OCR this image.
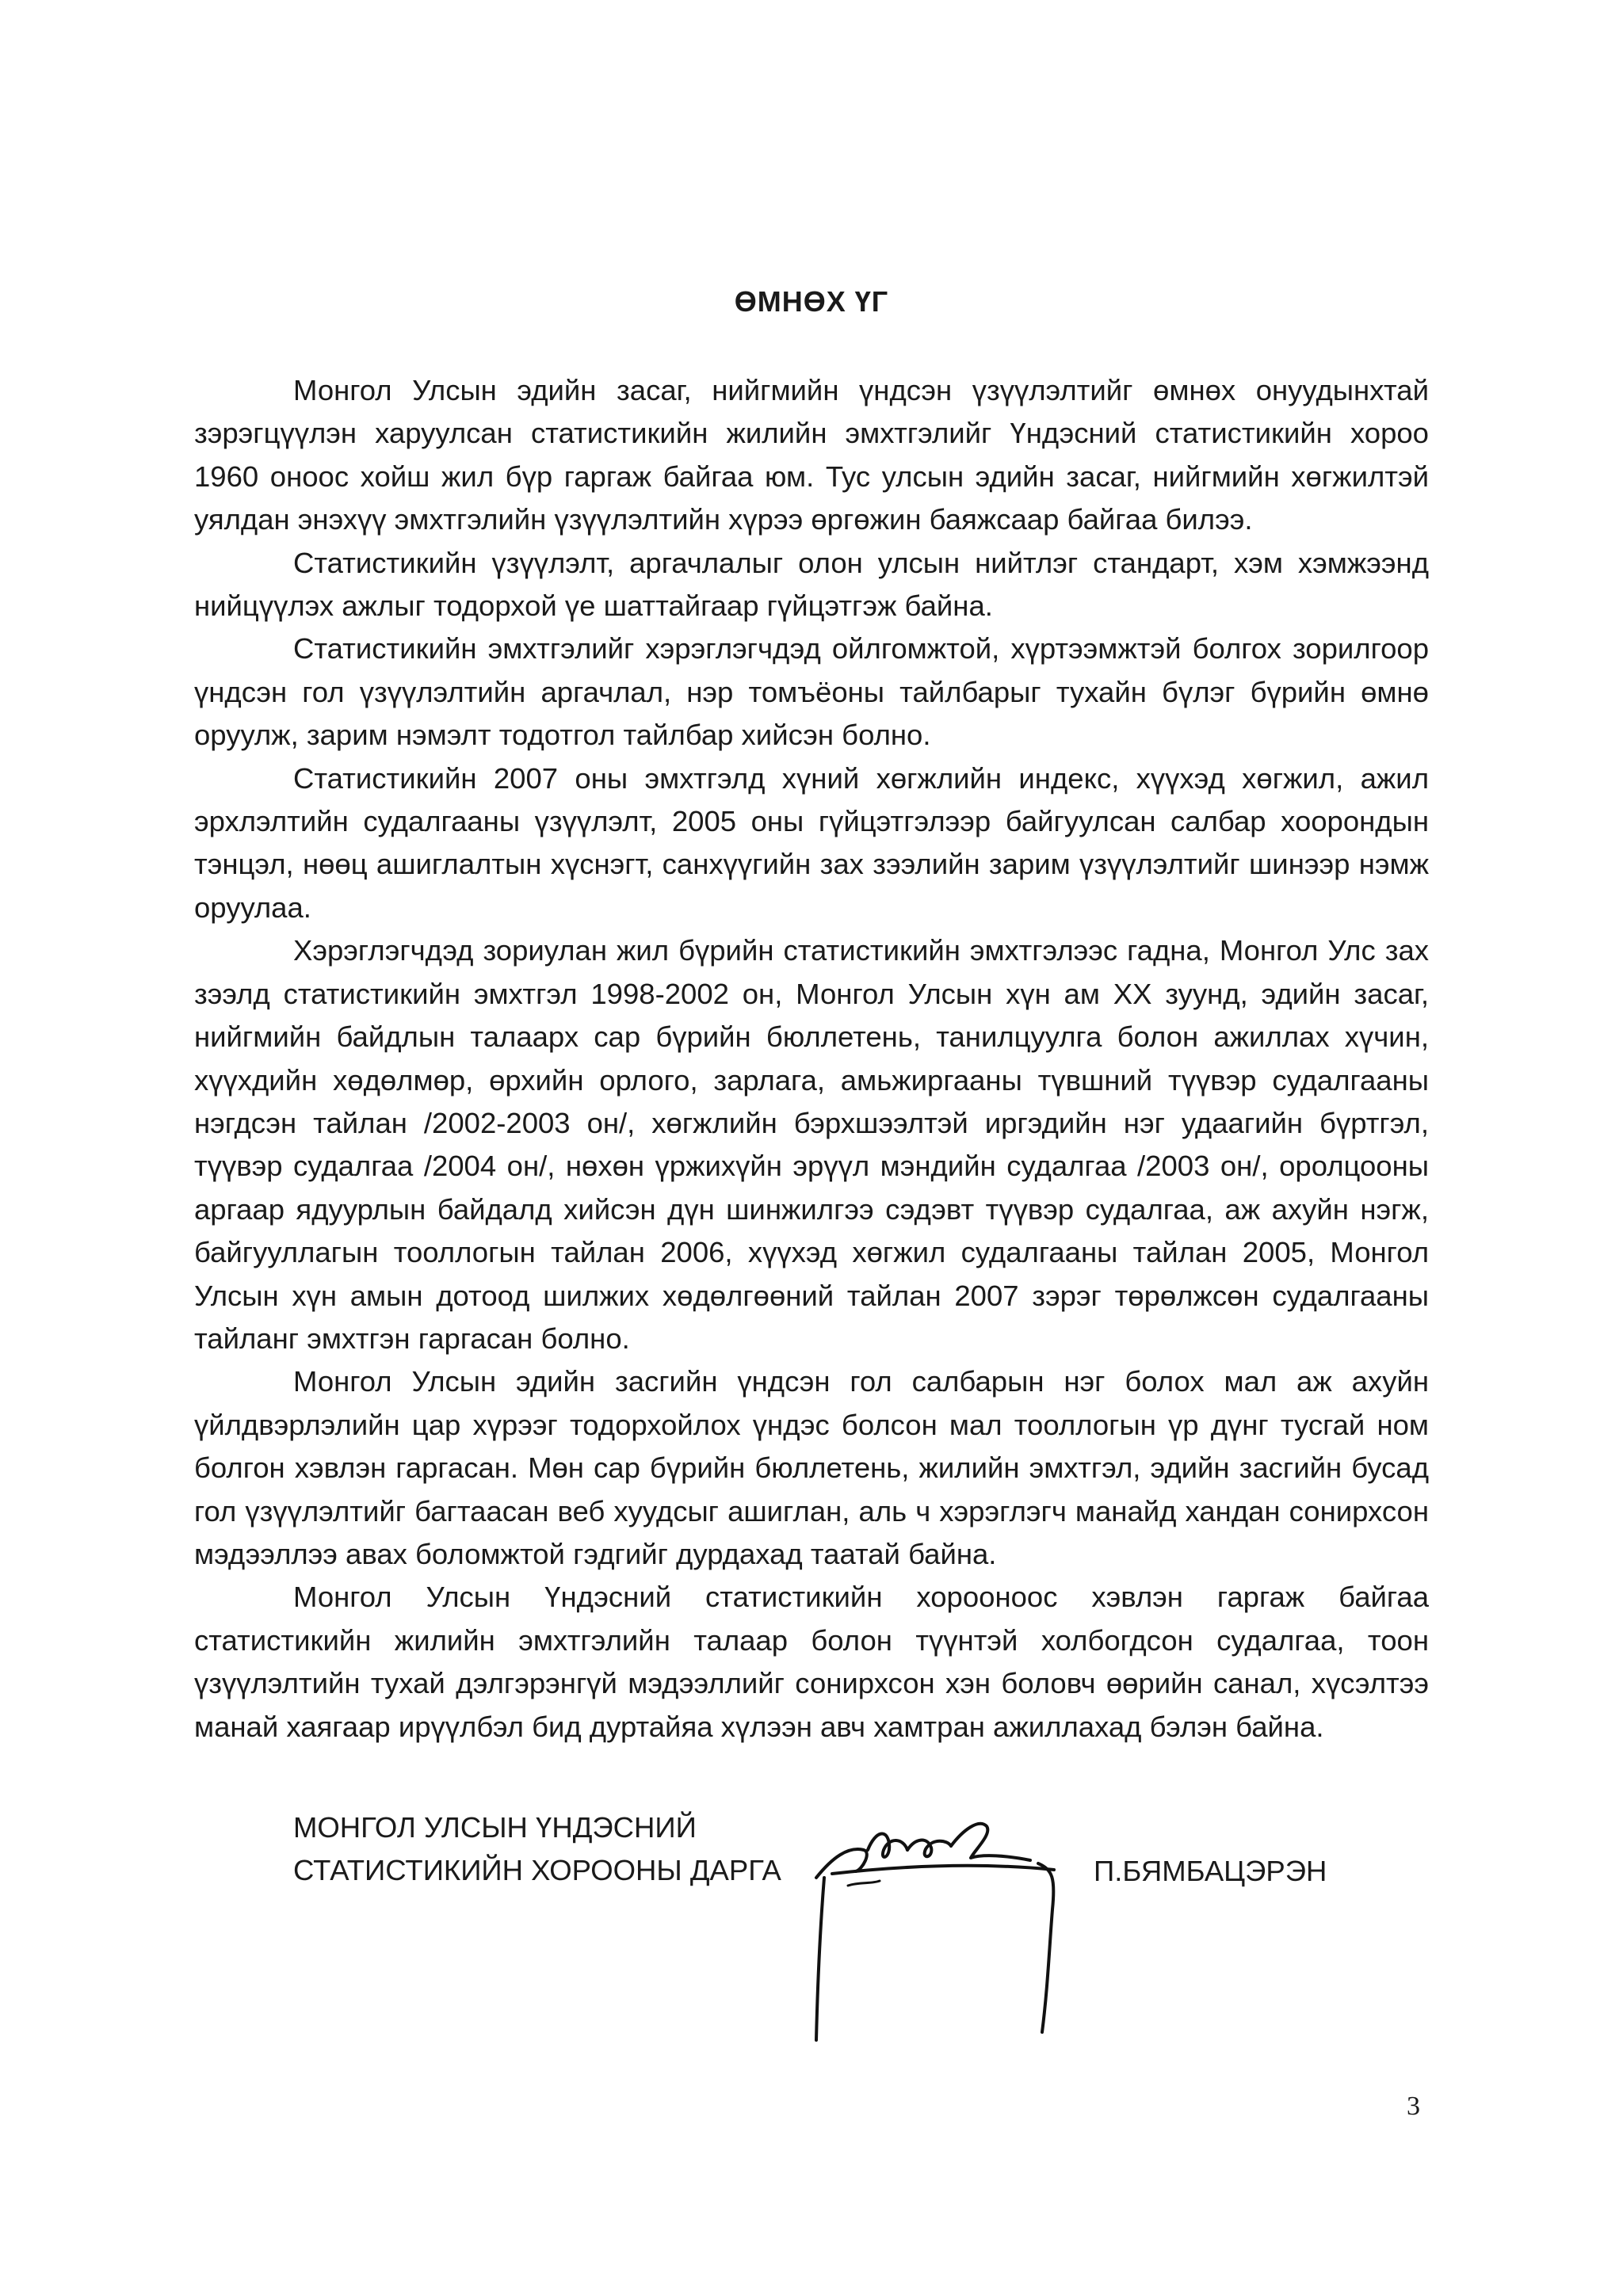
ӨМНӨХ ҮГ

Монгол Улсын эдийн засаг, нийгмийн үндсэн үзүүлэлтийг өмнөх онуудынхтай зэрэгцүүлэн харуулсан статистикийн жилийн эмхтгэлийг Үндэсний статистикийн хороо 1960 оноос хойш жил бүр гаргаж байгаа юм. Тус улсын эдийн засаг, нийгмийн хөгжилтэй уялдан энэхүү эмхтгэлийн үзүүлэлтийн хүрээ өргөжин баяжсаар байгаа билээ.

Статистикийн үзүүлэлт, аргачлалыг олон улсын нийтлэг стандарт, хэм хэмжээнд нийцүүлэх ажлыг тодорхой үе шаттайгаар гүйцэтгэж байна.

Статистикийн эмхтгэлийг хэрэглэгчдэд ойлгомжтой, хүртээмжтэй болгох зорилгоор үндсэн гол үзүүлэлтийн аргачлал, нэр томъёоны тайлбарыг тухайн бүлэг бүрийн өмнө оруулж, зарим нэмэлт тодотгол тайлбар хийсэн болно.

Статистикийн 2007 оны эмхтгэлд хүний хөгжлийн индекс, хүүхэд хөгжил, ажил эрхлэлтийн судалгааны үзүүлэлт, 2005 оны гүйцэтгэлээр байгуулсан салбар хоорондын тэнцэл, нөөц ашиглалтын хүснэгт, санхүүгийн зах зээлийн зарим үзүүлэлтийг шинээр нэмж оруулаа.

Хэрэглэгчдэд зориулан жил бүрийн статистикийн эмхтгэлээс гадна, Монгол Улс зах зээлд статистикийн эмхтгэл 1998-2002 он, Монгол Улсын хүн ам XX зуунд, эдийн засаг, нийгмийн байдлын талаарх сар бүрийн бюллетень, танилцуулга болон ажиллах хүчин, хүүхдийн хөдөлмөр, өрхийн орлого, зарлага, амьжиргааны түвшний түүвэр судалгааны нэгдсэн тайлан /2002-2003 он/, хөгжлийн бэрхшээлтэй иргэдийн нэг удаагийн бүртгэл, түүвэр судалгаа /2004 он/, нөхөн үржихүйн эрүүл мэндийн судалгаа /2003 он/, оролцооны аргаар ядуурлын байдалд хийсэн дүн шинжилгээ сэдэвт түүвэр судалгаа, аж ахуйн нэгж, байгууллагын тооллогын тайлан 2006, хүүхэд хөгжил судалгааны тайлан 2005, Монгол Улсын хүн амын дотоод шилжих хөдөлгөөний тайлан 2007 зэрэг төрөлжсөн судалгааны тайланг эмхтгэн гаргасан болно.

Монгол Улсын эдийн засгийн үндсэн гол салбарын нэг болох мал аж ахуйн үйлдвэрлэлийн цар хүрээг тодорхойлох үндэс болсон мал тооллогын үр дүнг тусгай ном болгон хэвлэн гаргасан. Мөн сар бүрийн бюллетень, жилийн эмхтгэл, эдийн засгийн бусад гол үзүүлэлтийг багтаасан веб хуудсыг ашиглан, аль ч хэрэглэгч манайд хандан сонирхсон мэдээллээ авах боломжтой гэдгийг дурдахад таатай байна.

Монгол Улсын Үндэсний статистикийн хорооноос хэвлэн гаргаж байгаа статистикийн жилийн эмхтгэлийн талаар болон түүнтэй холбогдсон судалгаа, тоон үзүүлэлтийн тухай дэлгэрэнгүй мэдээллийг сонирхсон хэн боловч өөрийн санал, хүсэлтээ манай хаягаар ирүүлбэл бид дуртайяа хүлээн авч хамтран ажиллахад бэлэн байна.

МОНГОЛ УЛСЫН ҮНДЭСНИЙ
СТАТИСТИКИЙН ХОРООНЫ ДАРГА	П.БЯМБАЦЭРЭН
3
